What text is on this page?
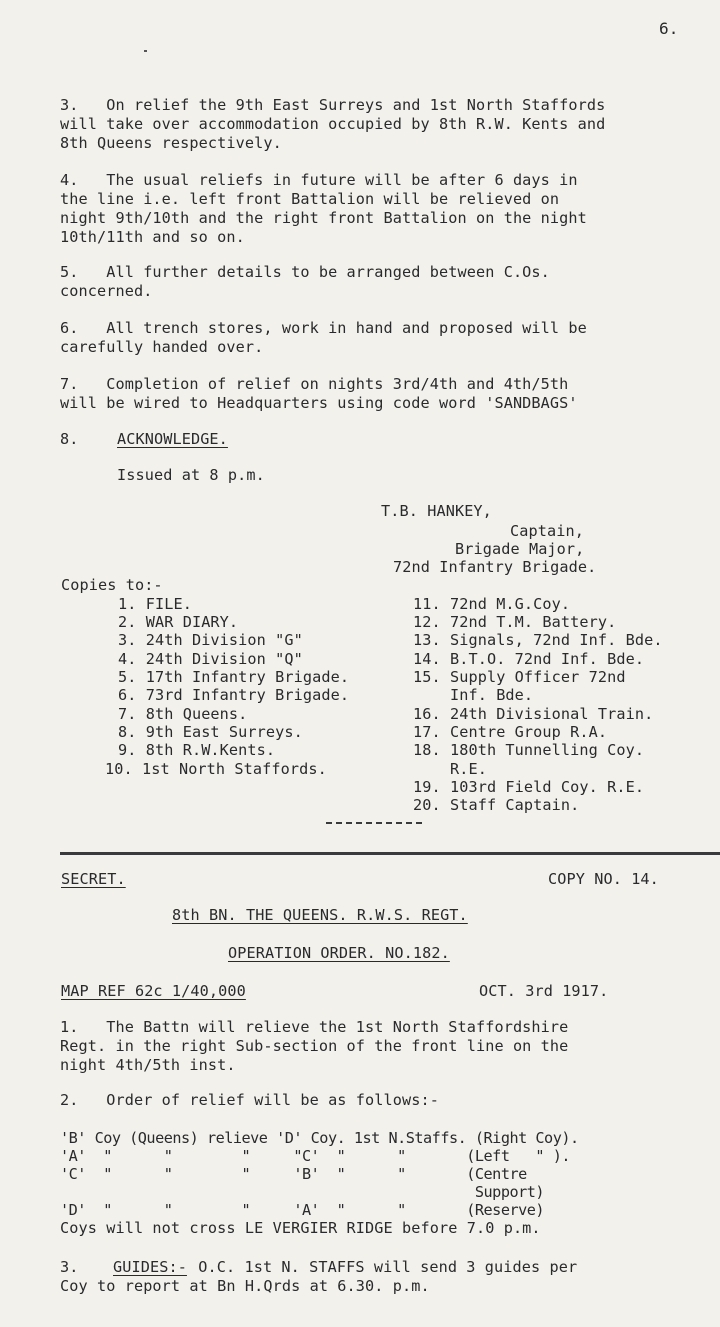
6.
3.   On relief the 9th East Surreys and 1st North Staffords
will take over accommodation occupied by 8th R.W. Kents and
8th Queens respectively.
4.   The usual reliefs in future will be after 6 days in
the line i.e. left front Battalion will be relieved on
night 9th/10th and the right front Battalion on the night
10th/11th and so on.
5.   All further details to be arranged between C.Os.
concerned.
6.   All trench stores, work in hand and proposed will be
carefully handed over.
7.   Completion of relief on nights 3rd/4th and 4th/5th
will be wired to Headquarters using code word 'SANDBAGS'
8.	ACKNOWLEDGE.
Issued at 8 p.m.
T.B. HANKEY,
Captain,
Brigade Major,
72nd Infantry Brigade.
Copies to:-
1. FILE.
2. WAR DIARY.
3. 24th Division "G"
4. 24th Division "Q"
5. 17th Infantry Brigade.
6. 73rd Infantry Brigade.
7. 8th Queens.
8. 9th East Surreys.
9. 8th R.W.Kents.
10. 1st North Staffords.
11. 72nd M.G.Coy.
12. 72nd T.M. Battery.
13. Signals, 72nd Inf. Bde.
14. B.T.O. 72nd Inf. Bde.
15. Supply Officer 72nd
Inf. Bde.
16. 24th Divisional Train.
17. Centre Group R.A.
18. 180th Tunnelling Coy.
R.E.
19. 103rd Field Coy. R.E.
20. Staff Captain.
SECRET.	COPY NO. 14.
8th BN. THE QUEENS. R.W.S. REGT.
OPERATION ORDER. NO.182.
MAP REF 62c 1/40,000	OCT. 3rd 1917.
1.   The Battn will relieve the 1st North Staffordshire
Regt. in the right Sub-section of the front line on the
night 4th/5th inst.
2.   Order of relief will be as follows:-
'B' Coy (Queens) relieve 'D' Coy. 1st N.Staffs. (Right Coy).
'A'  "      "        "     "C'  "      "       (Left   " ).
'C'  "      "        "     'B'  "      "       (Centre
Support)
'D'  "      "        "     'A'  "      "       (Reserve)
Coys will not cross LE VERGIER RIDGE before 7.0 p.m.
3. GUIDES:- O.C. 1st N. STAFFS will send 3 guides per
Coy to report at Bn H.Qrds at 6.30. p.m.
